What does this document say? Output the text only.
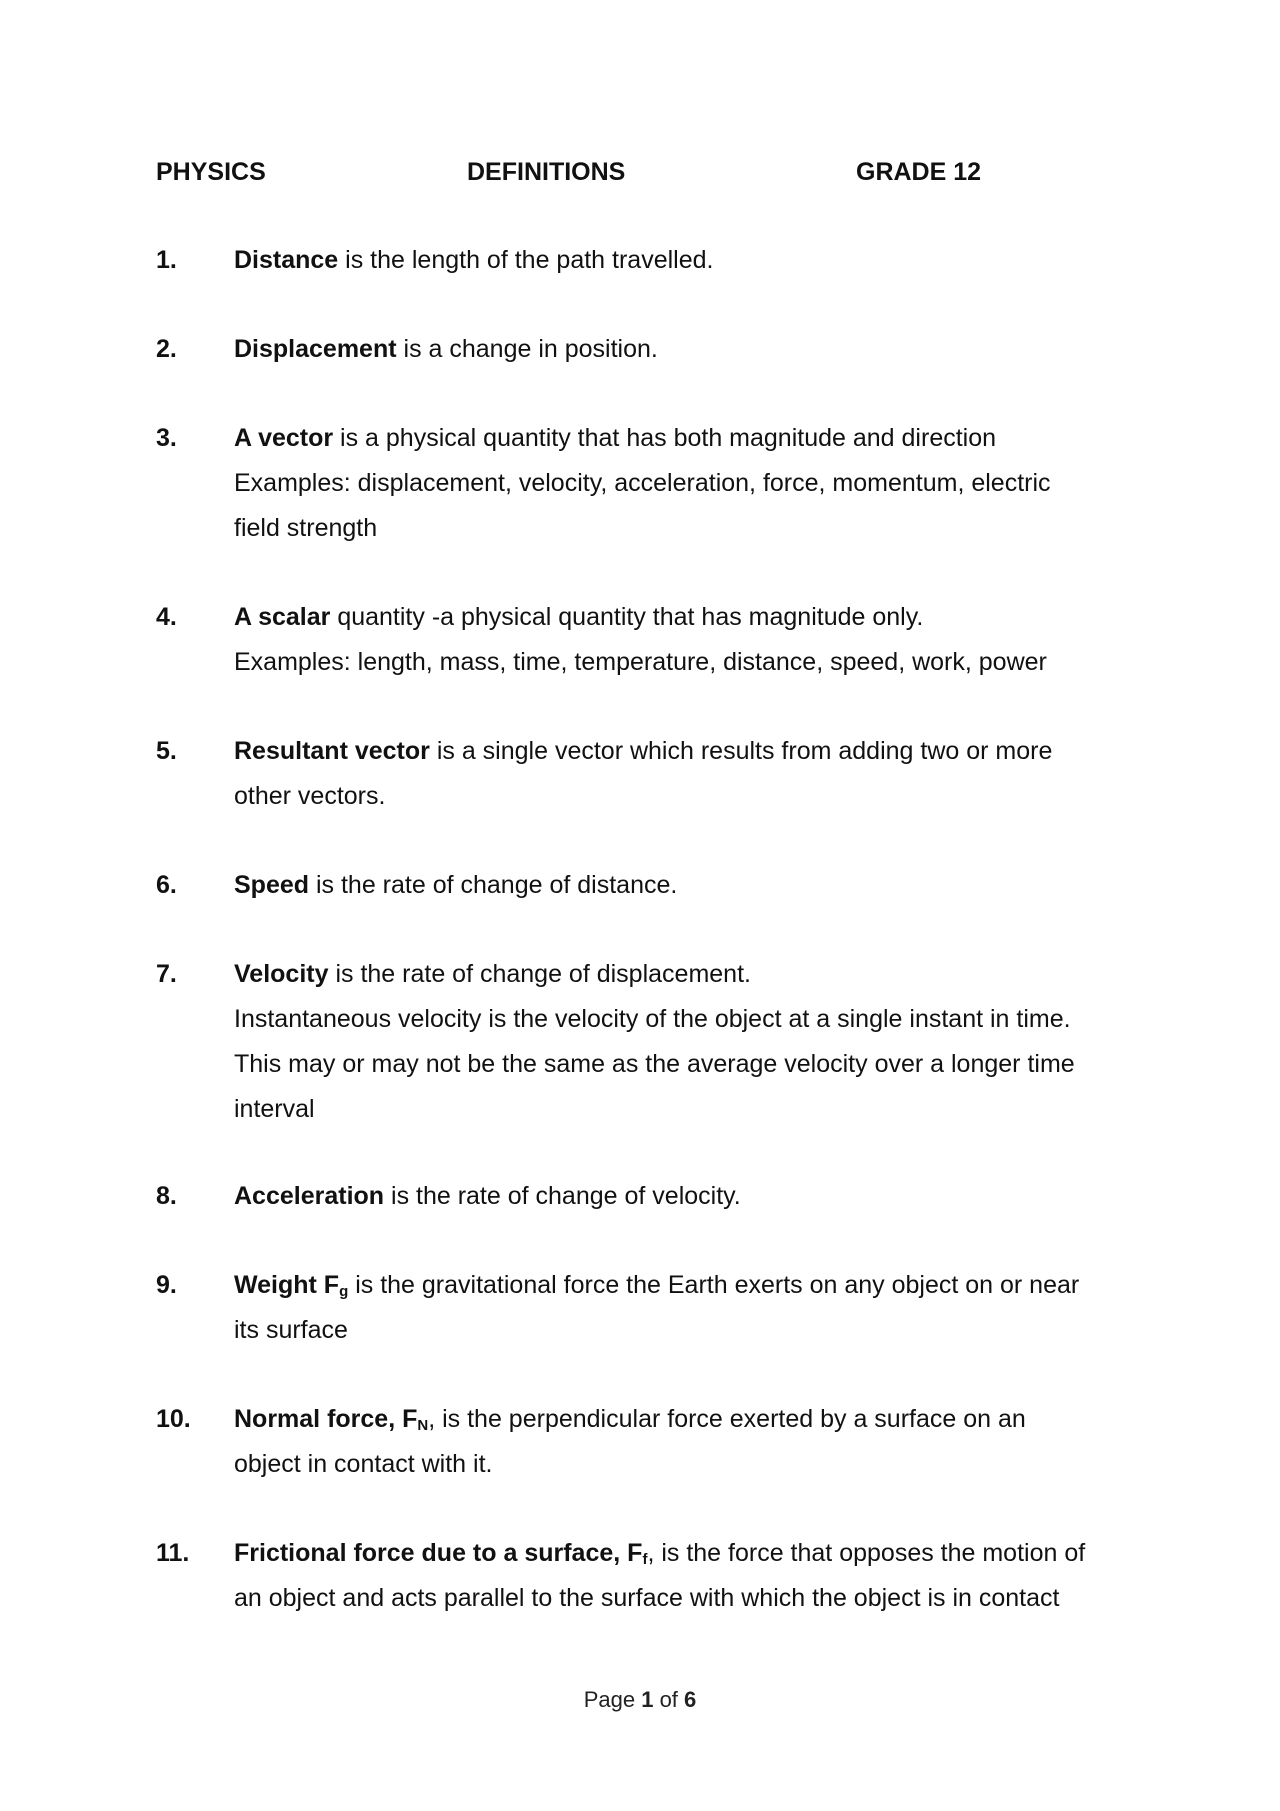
PHYSICS	DEFINITIONS	GRADE 12
1. Distance is the length of the path travelled.
2. Displacement is a change in position.
3. A vector is a physical quantity that has both magnitude and direction
Examples: displacement, velocity, acceleration, force, momentum, electric
field strength
4. A scalar quantity -a physical quantity that has magnitude only.
Examples: length, mass, time, temperature, distance, speed, work, power
5. Resultant vector is a single vector which results from adding two or more
other vectors.
6. Speed is the rate of change of distance.
7. Velocity is the rate of change of displacement.
Instantaneous velocity is the velocity of the object at a single instant in time.
This may or may not be the same as the average velocity over a longer time
interval
8. Acceleration is the rate of change of velocity.
9. Weight $F_g$ is the gravitational force the Earth exerts on any object on or near
its surface
10. Normal force, $F_N$, is the perpendicular force exerted by a surface on an
object in contact with it.
11. Frictional force due to a surface, $F_f$, is the force that opposes the motion of
an object and acts parallel to the surface with which the object is in contact
Page 1 of 6
